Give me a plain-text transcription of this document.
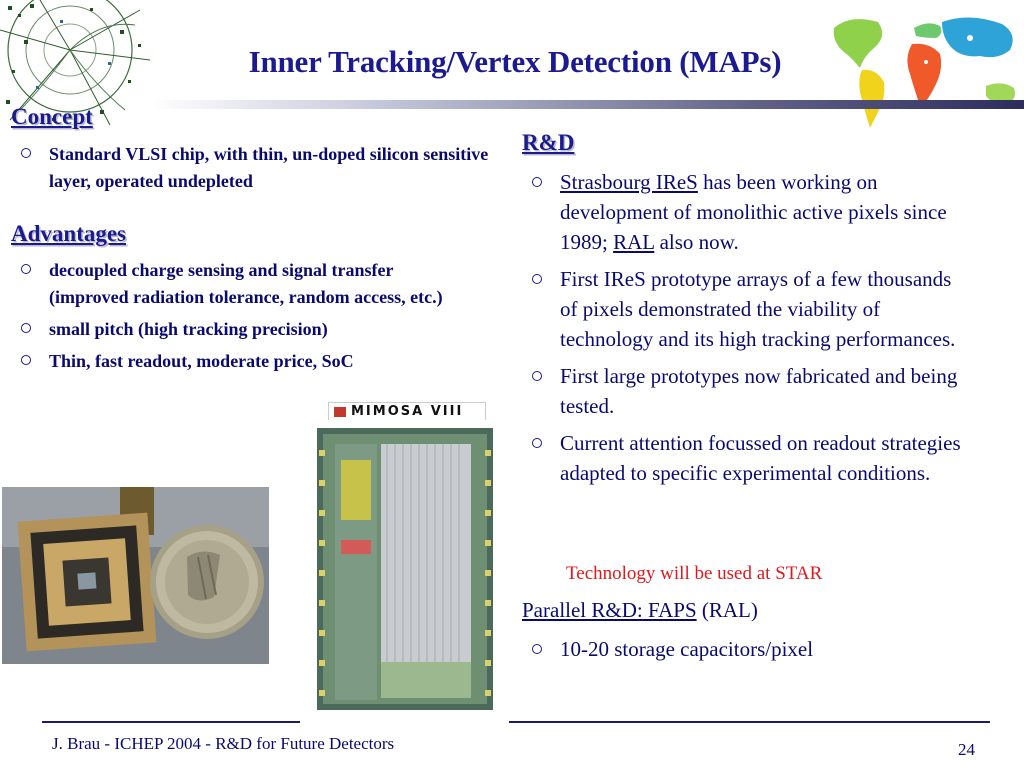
Inner Tracking/Vertex Detection (MAPs)
Concept
Standard VLSI chip, with thin, un-doped silicon sensitive layer, operated undepleted
Advantages
decoupled charge sensing and signal transfer (improved radiation tolerance, random access, etc.)
small pitch (high tracking precision)
Thin, fast readout, moderate price, SoC
R&D
Strasbourg IReS has been working on development of monolithic active pixels since 1989; RAL also now.
First IReS prototype arrays of a few thousands of pixels demonstrated the viability of technology and its high tracking performances.
First large prototypes now fabricated and being tested.
Current attention focussed on readout strategies adapted to specific experimental conditions.
Technology will be used at STAR
Parallel R&D: FAPS (RAL)
10-20 storage capacitors/pixel
MIMOSA VIII
J. Brau - ICHEP 2004 - R&D for Future Detectors	24
